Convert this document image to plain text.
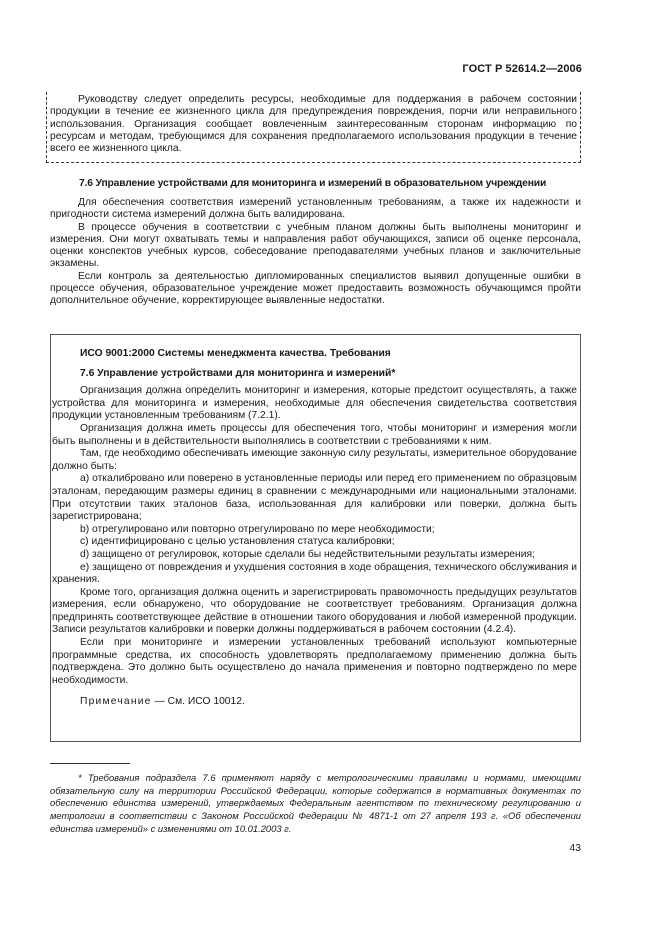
ГОСТ Р 52614.2—2006

Руководству следует определить ресурсы, необходимые для поддержания в рабочем состоянии продукции в течение ее жизненного цикла для предупреждения повреждения, порчи или неправильного использования. Организация сообщает вовлеченным заинтересованным сторонам информацию по ресурсам и методам, требующимся для сохранения предполагаемого использования продукции в течение всего ее жизненного цикла.

7.6 Управление устройствами для мониторинга и измерений в образовательном учреждении

Для обеспечения соответствия измерений установленным требованиям, а также их надежности и пригодности система измерений должна быть валидирована.

В процессе обучения в соответствии с учебным планом должны быть выполнены мониторинг и измерения. Они могут охватывать темы и направления работ обучающихся, записи об оценке персонала, оценки конспектов учебных курсов, собеседование преподавателями учебных планов и заключительные экзамены.

Если контроль за деятельностью дипломированных специалистов выявил допущенные ошибки в процессе обучения, образовательное учреждение может предоставить возможность обучающимся пройти дополнительное обучение, корректирующее выявленные недостатки.

ИСО 9001:2000 Системы менеджмента качества. Требования

7.6 Управление устройствами для мониторинга и измерений*

Организация должна определить мониторинг и измерения, которые предстоит осуществлять, а также устройства для мониторинга и измерения, необходимые для обеспечения свидетельства соответствия продукции установленным требованиям (7.2.1).

Организация должна иметь процессы для обеспечения того, чтобы мониторинг и измерения могли быть выполнены и в действительности выполнялись в соответствии с требованиями к ним.

Там, где необходимо обеспечивать имеющие законную силу результаты, измерительное оборудование должно быть:

a) откалибровано или поверено в установленные периоды или перед его применением по образцовым эталонам, передающим размеры единиц в сравнении с международными или национальными эталонами. При отсутствии таких эталонов база, использованная для калибровки или поверки, должна быть зарегистрирована;

b) отрегулировано или повторно отрегулировано по мере необходимости;

c) идентифицировано с целью установления статуса калибровки;

d) защищено от регулировок, которые сделали бы недействительными результаты измерения;

e) защищено от повреждения и ухудшения состояния в ходе обращения, технического обслуживания и хранения.

Кроме того, организация должна оценить и зарегистрировать правомочность предыдущих результатов измерения, если обнаружено, что оборудование не соответствует требованиям. Организация должна предпринять соответствующее действие в отношении такого оборудования и любой измеренной продукции. Записи результатов калибровки и поверки должны поддерживаться в рабочем состоянии (4.2.4).

Если при мониторинге и измерении установленных требований используют компьютерные программные средства, их способность удовлетворять предполагаемому применению должна быть подтверждена. Это должно быть осуществлено до начала применения и повторно подтверждено по мере необходимости.

Примечание — См. ИСО 10012.

* Требования подраздела 7.6 применяют наряду с метрологическими правилами и нормами, имеющими обязательную силу на территории Российской Федерации, которые содержатся в нормативных документах по обеспечению единства измерений, утверждаемых Федеральным агентством по техническому регулированию и метрологии в соответствии с Законом Российской Федерации № 4871-1 от 27 апреля 193 г. «Об обеспечении единства измерений» с изменениями от 10.01.2003 г.

43
